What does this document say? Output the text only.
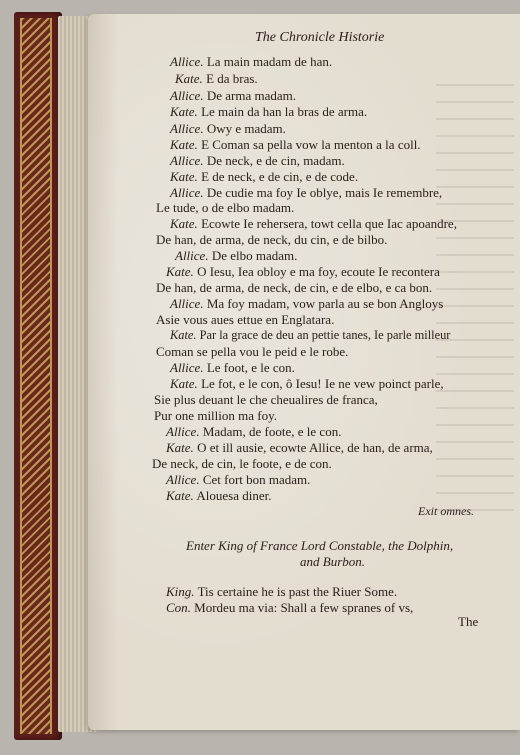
The Chronicle Historie
Allice. La main madam de han.
Kate. E da bras.
Allice. De arma madam.
Kate. Le main da han la bras de arma.
Allice. Owy e madam.
Kate. E Coman sa pella vow la menton a la coll.
Allice. De neck, e de cin, madam.
Kate. E de neck, e de cin, e de code.
Allice. De cudie ma foy Ie oblye, mais Ie remembre,
Le tude, o de elbo madam.
Kate. Ecowte Ie rehersera, towt cella que Iac apoandre,
De han, de arma, de neck, du cin, e de bilbo.
Allice. De elbo madam.
Kate. O Iesu, Iea obloy e ma foy, ecoute Ie recontera
De han, de arma, de neck, de cin, e de elbo, e ca bon.
Allice. Ma foy madam, vow parla au se bon Angloys
Asie vous aues ettue en Englatara.
Kate. Par la grace de deu an pettie tanes, Ie parle milleur
Coman se pella vou le peid e le robe.
Allice. Le foot, e le con.
Kate. Le fot, e le con, ô Iesu! Ie ne vew poinct parle,
Sie plus deuant le che cheualires de franca,
Pur one million ma foy.
Allice. Madam, de foote, e le con.
Kate. O et ill ausie, ecowte Allice, de han, de arma,
De neck, de cin, le foote, e de con.
Allice. Cet fort bon madam.
Kate. Alouesa diner.
Exit omnes.
Enter King of France Lord Constable, the Dolphin,
and Burbon.
King. Tis certaine he is past the Riuer Some.
Con. Mordeu ma via: Shall a few spranes of vs,
The
